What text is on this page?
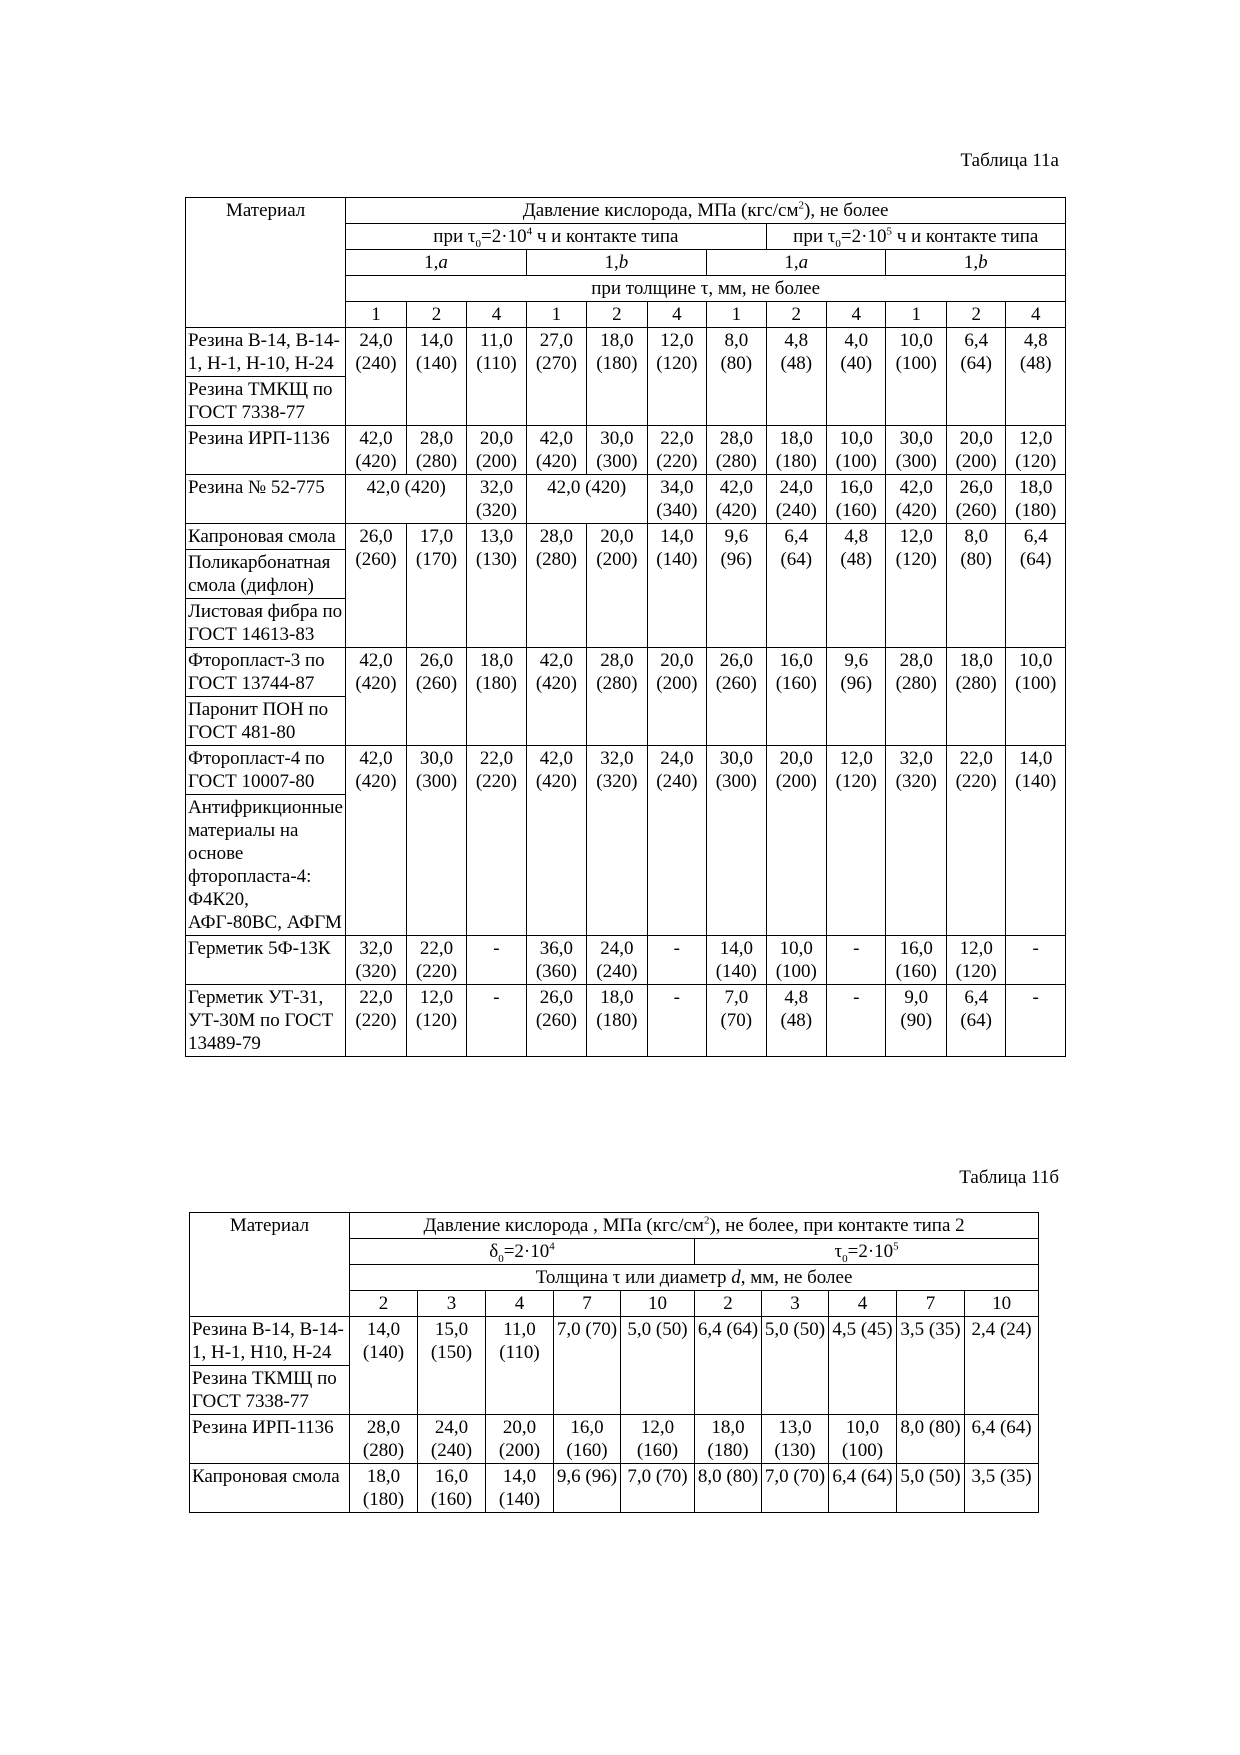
Таблица 11а
Материал	Давление кислорода, МПа $(кгс/см^2)$, не более											
	при $\tau_0=2\cdot 10^4$ ч и контакте типа							при $\tau_0=2\cdot 10^5$ ч и контакте типа				
	1,a			1,b			1,a			1,b		
	при толщине τ, мм, не более											
	1	2	4	1	2	4	1	2	4	1	2	4
Резина В-14, В-14-1, Н-1, Н-10, Н-24	24,0 (240)	14,0 (140)	11,0 (110)	27,0 (270)	18,0 (180)	12,0 (120)	8,0 (80)	4,8 (48)	4,0 (40)	10,0 (100)	6,4 (64)	4,8 (48)
Резина ТМКЩ по ГОСТ 7338-77												
Резина ИРП-1136	42,0 (420)	28,0 (280)	20,0 (200)	42,0 (420)	30,0 (300)	22,0 (220)	28,0 (280)	18,0 (180)	10,0 (100)	30,0 (300)	20,0 (200)	12,0 (120)
Резина № 52-775	42,0 (420)		32,0 (320)	42,0 (420)		34,0 (340)	42,0 (420)	24,0 (240)	16,0 (160)	42,0 (420)	26,0 (260)	18,0 (180)
Капроновая смола	26,0 (260)	17,0 (170)	13,0 (130)	28,0 (280)	20,0 (200)	14,0 (140)	9,6 (96)	6,4 (64)	4,8 (48)	12,0 (120)	8,0 (80)	6,4 (64)
Поликарбонатная смола (дифлон)												
Листовая фибра по ГОСТ 14613-83												
Фторопласт-3 по ГОСТ 13744-87	42,0 (420)	26,0 (260)	18,0 (180)	42,0 (420)	28,0 (280)	20,0 (200)	26,0 (260)	16,0 (160)	9,6 (96)	28,0 (280)	18,0 (280)	10,0 (100)
Паронит ПОН по ГОСТ 481-80												
Фторопласт-4 по ГОСТ 10007-80	42,0 (420)	30,0 (300)	22,0 (220)	42,0 (420)	32,0 (320)	24,0 (240)	30,0 (300)	20,0 (200)	12,0 (120)	32,0 (320)	22,0 (220)	14,0 (140)
Антифрикционные материалы на основе фторопласта-4: Ф4К20, АФГ-80ВС, АФГМ												
Герметик 5Ф-13К	32,0 (320)	22,0 (220)	-	36,0 (360)	24,0 (240)	-	14,0 (140)	10,0 (100)	-	16,0 (160)	12,0 (120)	-
Герметик УТ-31, УТ-30М по ГОСТ 13489-79	22,0 (220)	12,0 (120)	-	26,0 (260)	18,0 (180)	-	7,0 (70)	4,8 (48)	-	9,0 (90)	6,4 (64)	-
Таблица 11б
Материал	Давление кислорода , МПа $(кгс/см^2)$, не более, при контакте типа 2									
	$\delta_0=2\cdot 10^4$					$\tau_0=2\cdot 10^5$
	Толщина τ или диаметр d, мм, не более									
	2	3	4	7	10	2	3	4	7	10
Резина В-14, В-14-1, Н-1, Н10, Н-24	14,0 (140)	15,0 (150)	11,0 (110)	7,0 (70)	5,0 (50)	6,4 (64)	5,0 (50)	4,5 (45)	3,5 (35)	2,4 (24)
Резина ТКМЩ по ГОСТ 7338-77										
Резина ИРП-1136	28,0 (280)	24,0 (240)	20,0 (200)	16,0 (160)	12,0 (160)	18,0 (180)	13,0 (130)	10,0 (100)	8,0 (80)	6,4 (64)
Капроновая смола	18,0 (180)	16,0 (160)	14,0 (140)	9,6 (96)	7,0 (70)	8,0 (80)	7,0 (70)	6,4 (64)	5,0 (50)	3,5 (35)
